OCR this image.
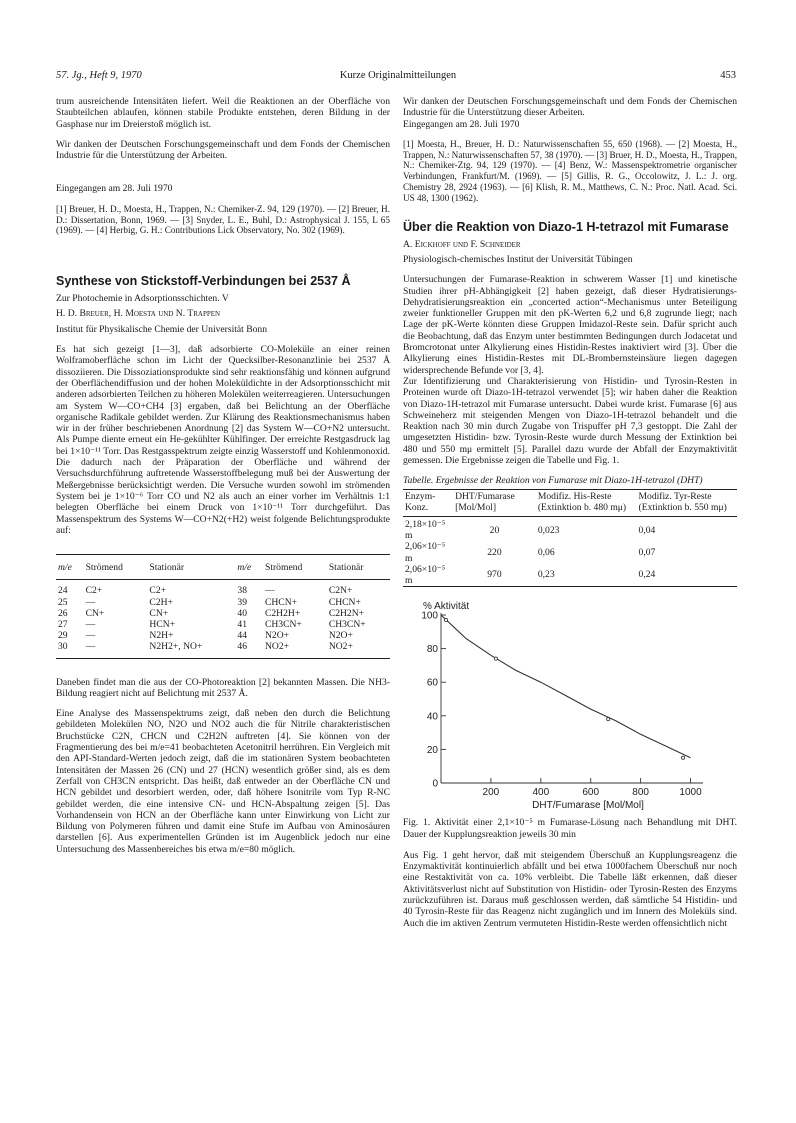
57. Jg., Heft 9, 1970	Kurze Originalmitteilungen	453

trum ausreichende Intensitäten liefert. Weil die Reaktionen an der Oberfläche von Staubteilchen ablaufen, können stabile Produkte entstehen, deren Bildung in der Gasphase nur im Dreierstoß möglich ist.

Wir danken der Deutschen Forschungsgemeinschaft und dem Fonds der Chemischen Industrie für die Unterstützung der Arbeiten.

Eingegangen am 28. Juli 1970

[1] Breuer, H. D., Moesta, H., Trappen, N.: Chemiker-Z. 94, 129 (1970). — [2] Breuer, H. D.: Dissertation, Bonn, 1969. — [3] Snyder, L. E., Buhl, D.: Astrophysical J. 155, L 65 (1969). — [4] Herbig, G. H.: Contributions Lick Observatory, No. 302 (1969).

Synthese von Stickstoff-Verbindungen bei 2537 Å
Zur Photochemie in Adsorptionsschichten. V
H. D. Breuer, H. Moesta und N. Trappen
Institut für Physikalische Chemie der Universität Bonn

Es hat sich gezeigt [1—3], daß adsorbierte CO-Moleküle an einer reinen Wolframoberfläche schon im Licht der Quecksilber-Resonanzlinie bei 2537 Å dissoziieren. Die Dissoziationsprodukte sind sehr reaktionsfähig und können aufgrund der Oberflächendiffusion und der hohen Moleküldichte in der Adsorptionsschicht mit anderen adsorbierten Teilchen zu höheren Molekülen weiterreagieren. Untersuchungen am System W—CO+CH4 [3] ergaben, daß bei Belichtung an der Oberfläche organische Radikale gebildet werden. Zur Klärung des Reaktionsmechanismus haben wir in der früher beschriebenen Anordnung [2] das System W—CO+N2 untersucht. Als Pumpe diente erneut ein He-gekühlter Kühlfinger. Der erreichte Restgasdruck lag bei 1×10⁻¹¹ Torr. Das Restgasspektrum zeigte einzig Wasserstoff und Kohlenmonoxid. Die dadurch nach der Präparation der Oberfläche und während der Versuchsdurchführung auftretende Wasserstoffbelegung muß bei der Auswertung der Meßergebnisse berücksichtigt werden. Die Versuche wurden sowohl im strömenden System bei je 1×10⁻⁶ Torr CO und N2 als auch an einer vorher im Verhältnis 1:1 belegten Oberfläche bei einem Druck von 1×10⁻¹¹ Torr durchgeführt. Das Massenspektrum des Systems W—CO+N2(+H2) weist folgende Belichtungsprodukte auf:

m/e	Strömend	Stationär	m/e	Strömend	Stationär
24	C2+	C2+	38	—	C2N+
25	—	C2H+	39	CHCN+	CHCN+
26	CN+	CN+	40	C2H2H+	C2H2N+
27	—	HCN+	41	CH3CN+	CH3CN+
29	—	N2H+	44	N2O+	N2O+
30	—	N2H2+, NO+	46	NO2+	NO2+

Daneben findet man die aus der CO-Photoreaktion [2] bekannten Massen. Die NH3-Bildung reagiert nicht auf Belichtung mit 2537 Å.

Eine Analyse des Massenspektrums zeigt, daß neben den durch die Belichtung gebildeten Molekülen NO, N2O und NO2 auch die für Nitrile charakteristischen Bruchstücke C2N, CHCN und C2H2N auftreten [4]. Sie können von der Fragmentierung des bei m/e=41 beobachteten Acetonitril herrühren. Ein Vergleich mit den API-Standard-Werten jedoch zeigt, daß die im stationären System beobachteten Intensitäten der Massen 26 (CN) und 27 (HCN) wesentlich größer sind, als es dem Zerfall von CH3CN entspricht. Das heißt, daß entweder an der Oberfläche CN und HCN gebildet und desorbiert werden, oder, daß höhere Isonitrile vom Typ R-NC gebildet werden, die eine intensive CN- und HCN-Abspaltung zeigen [5]. Das Vorhandensein von HCN an der Oberfläche kann unter Einwirkung von Licht zur Bildung von Polymeren führen und damit eine Stufe im Aufbau von Aminosäuren darstellen [6]. Aus experimentellen Gründen ist im Augenblick jedoch nur eine Untersuchung des Massenbereiches bis etwa m/e=80 möglich.

Wir danken der Deutschen Forschungsgemeinschaft und dem Fonds der Chemischen Industrie für die Unterstützung dieser Arbeiten.

Eingegangen am 28. Juli 1970

[1] Moesta, H., Breuer, H. D.: Naturwissenschaften 55, 650 (1968). — [2] Moesta, H., Trappen, N.: Naturwissenschaften 57, 38 (1970). — [3] Bruer, H. D., Moesta, H., Trappen, N.: Chemiker-Ztg. 94, 129 (1970). — [4] Benz, W.: Massenspektrometrie organischer Verbindungen, Frankfurt/M. (1969). — [5] Gillis, R. G., Occolowitz, J. L.: J. org. Chemistry 28, 2924 (1963). — [6] Klish, R. M., Matthews, C. N.: Proc. Natl. Acad. Sci. US 48, 1300 (1962).

Über die Reaktion von Diazo-1 H-tetrazol mit Fumarase
A. Eickhoff und F. Schneider
Physiologisch-chemisches Institut der Universität Tübingen

Untersuchungen der Fumarase-Reaktion in schwerem Wasser [1] und kinetische Studien ihrer pH-Abhängigkeit [2] haben gezeigt, daß dieser Hydratisierungs-Dehydratisierungsreaktion ein „concerted action“-Mechanismus unter Beteiligung zweier funktioneller Gruppen mit den pK-Werten 6,2 und 6,8 zugrunde liegt; nach Lage der pK-Werte könnten diese Gruppen Imidazol-Reste sein. Dafür spricht auch die Beobachtung, daß das Enzym unter bestimmten Bedingungen durch Jodacetat und Bromcrotonat unter Alkylierung eines Histidin-Restes inaktiviert wird [3]. Über die Alkylierung eines Histidin-Restes mit DL-Brombernsteinsäure liegen dagegen widersprechende Befunde vor [3, 4].

Zur Identifizierung und Charakterisierung von Histidin- und Tyrosin-Resten in Proteinen wurde oft Diazo-1H-tetrazol verwendet [5]; wir haben daher die Reaktion von Diazo-1H-tetrazol mit Fumarase untersucht. Dabei wurde krist. Fumarase [6] aus Schweineherz mit steigenden Mengen von Diazo-1H-tetrazol behandelt und die Reaktion nach 30 min durch Zugabe von Trispuffer pH 7,3 gestoppt. Die Zahl der umgesetzten Histidin- bzw. Tyrosin-Reste wurde durch Messung der Extinktion bei 480 und 550 mμ ermittelt [5]. Parallel dazu wurde der Abfall der Enzymaktivität gemessen. Die Ergebnisse zeigen die Tabelle und Fig. 1.

Tabelle. Ergebnisse der Reaktion von Fumarase mit Diazo-1H-tetrazol (DHT)
Enzym-Konz.	DHT/Fumarase [Mol/Mol]	Modifiz. His-Reste (Extinktion b. 480 mμ)	Modifiz. Tyr-Reste (Extinktion b. 550 mμ)
2,18×10⁻⁵ m	20	0,023	0,04
2,06×10⁻⁵ m	220	0,06	0,07
2,06×10⁻⁵ m	970	0,23	0,24
0
20
40
60
80
100
200	400	600	800	1000
% Aktivität
DHT/Fumarase [Mol/Mol]

Fig. 1. Aktivität einer 2,1×10⁻⁵ m Fumarase-Lösung nach Behandlung mit DHT. Dauer der Kupplungsreaktion jeweils 30 min

Aus Fig. 1 geht hervor, daß mit steigendem Überschuß an Kupplungsreagenz die Enzymaktivität kontinuierlich abfällt und bei etwa 1000fachem Überschuß nur noch eine Restaktivität von ca. 10% verbleibt. Die Tabelle läßt erkennen, daß dieser Aktivitätsverlust nicht auf Substitution von Histidin- oder Tyrosin-Resten des Enzyms zurückzuführen ist. Daraus muß geschlossen werden, daß sämtliche 54 Histidin- und 40 Tyrosin-Reste für das Reagenz nicht zugänglich und im Innern des Moleküls sind. Auch die im aktiven Zentrum vermuteten Histidin-Reste werden offensichtlich nicht
